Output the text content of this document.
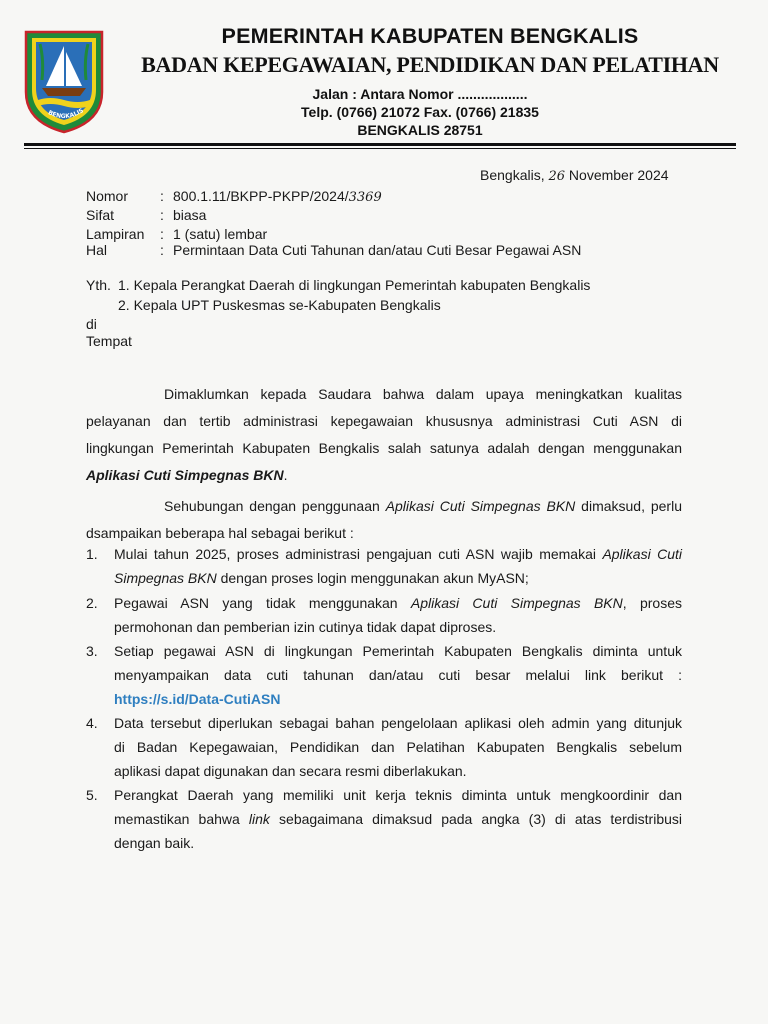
BENGKALIS
PEMERINTAH KABUPATEN BENGKALIS
BADAN KEPEGAWAIAN, PENDIDIKAN DAN PELATIHAN
Jalan : Antara Nomor ..................
Telp. (0766) 21072 Fax. (0766) 21835
BENGKALIS 28751
Bengkalis, 26 November 2024
Nomor : 800.1.11/BKPP-PKPP/2024/3369
Sifat	: biasa
Lampiran : 1 (satu) lembar
Hal	: Permintaan Data Cuti Tahunan dan/atau Cuti Besar Pegawai ASN
Yth. 1. Kepala Perangkat Daerah di lingkungan Pemerintah kabupaten Bengkalis
2. Kepala UPT Puskesmas se-Kabupaten Bengkalis
di
Tempat
Dimaklumkan kepada Saudara bahwa dalam upaya meningkatkan kualitas
pelayanan dan tertib administrasi kepegawaian khususnya administrasi Cuti ASN di
lingkungan Pemerintah Kabupaten Bengkalis salah satunya adalah dengan menggunakan
Aplikasi Cuti Simpegnas BKN.
Sehubungan dengan penggunaan Aplikasi Cuti Simpegnas BKN dimaksud, perlu
dsampaikan beberapa hal sebagai berikut :
1. Mulai tahun 2025, proses administrasi pengajuan cuti ASN wajib memakai Aplikasi Cuti
Simpegnas BKN dengan proses login menggunakan akun MyASN;
2. Pegawai ASN yang tidak menggunakan Aplikasi Cuti Simpegnas BKN, proses
permohonan dan pemberian izin cutinya tidak dapat diproses.
3. Setiap pegawai ASN di lingkungan Pemerintah Kabupaten Bengkalis diminta untuk
menyampaikan data cuti tahunan dan/atau cuti besar melalui link berikut :
https://s.id/Data-CutiASN
4. Data tersebut diperlukan sebagai bahan pengelolaan aplikasi oleh admin yang ditunjuk
di Badan Kepegawaian, Pendidikan dan Pelatihan Kabupaten Bengkalis sebelum
aplikasi dapat digunakan dan secara resmi diberlakukan.
5. Perangkat Daerah yang memiliki unit kerja teknis diminta untuk mengkoordinir dan
memastikan bahwa link sebagaimana dimaksud pada angka (3) di atas terdistribusi
dengan baik.
